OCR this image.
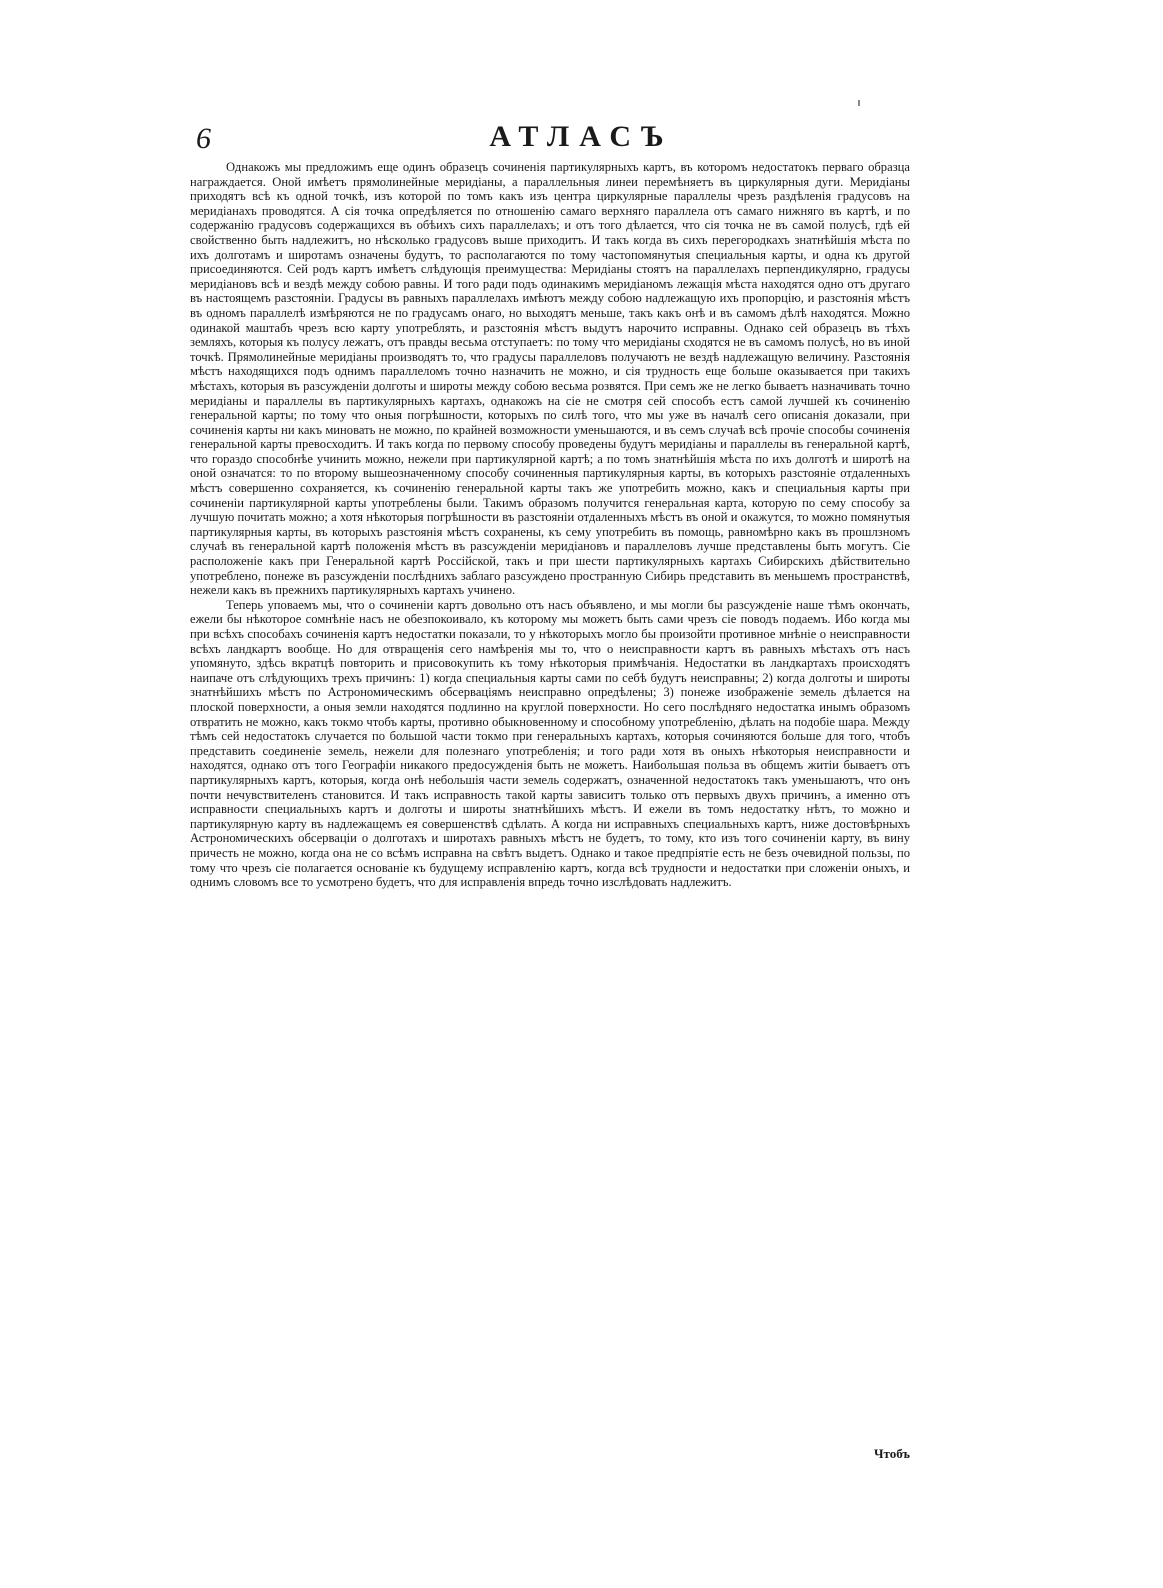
6	АТЛАСЪ

Однакожъ мы предложимъ еще одинъ образецъ сочиненія партикулярныхъ картъ, въ которомъ недостатокъ перваго образца награждается. Оной имѣетъ прямолинейные меридіаны, а параллельныя линеи перемѣняетъ въ циркулярныя дуги. Меридіаны приходятъ всѣ къ одной точкѣ, изъ которой по томъ какъ изъ центра циркулярные параллелы чрезъ раздѣленія градусовъ на меридіанахъ проводятся. А сія точка опредѣляется по отношенію самаго верхняго параллела отъ самаго нижняго въ картѣ, и по содержанію градусовъ содержащихся въ обѣихъ сихъ параллелахъ; и отъ того дѣлается, что сія точка не въ самой полусѣ, гдѣ ей свойственно быть надлежитъ, но нѣсколько градусовъ выше приходитъ. И такъ когда въ сихъ перегородкахъ знатнѣйшія мѣста по ихъ долготамъ и широтамъ означены будутъ, то располагаются по тому частопомянутыя специальныя карты, и одна къ другой присоединяются. Сей родъ картъ имѣетъ слѣдующія преимущества: Меридіаны стоятъ на параллелахъ перпендикулярно, градусы меридіановъ всѣ и вездѣ между собою равны. И того ради подъ одинакимъ меридіаномъ лежащія мѣста находятся одно отъ другаго въ настоящемъ разстояніи. Градусы въ равныхъ параллелахъ имѣютъ между собою надлежащую ихъ пропорцію, и разстоянія мѣстъ въ одномъ параллелѣ измѣряются не по градусамъ онаго, но выходятъ меньше, такъ какъ онѣ и въ самомъ дѣлѣ находятся. Можно одинакой маштабъ чрезъ всю карту употреблять, и разстоянія мѣстъ выдутъ нарочито исправны. Однако сей образецъ въ тѣхъ земляхъ, которыя къ полусу лежатъ, отъ правды весьма отступаетъ: по тому что меридіаны сходятся не въ самомъ полусѣ, но въ иной точкѣ. Прямолинейные меридіаны производятъ то, что градусы параллеловъ получаютъ не вездѣ надлежащую величину. Разстоянія мѣстъ находящихся подъ однимъ параллеломъ точно назначить не можно, и сія трудность еще больше оказывается при такихъ мѣстахъ, которыя въ разсужденіи долготы и широты между собою весьма розвятся. При семъ же не легко бываетъ назначивать точно меридіаны и параллелы въ партикулярныхъ картахъ, однакожъ на сіе не смотря сей способъ естъ самой лучшей къ сочиненію генеральной карты; по тому что оныя погрѣшности, которыхъ по силѣ того, что мы уже въ началѣ сего описанія доказали, при сочиненія карты ни какъ миновать не можно, по крайней возможности уменьшаются, и въ семъ случаѣ всѣ прочіе способы сочиненія генеральной карты превосходитъ. И такъ когда по первому способу проведены будутъ меридіаны и параллелы въ генеральной картѣ, что гораздо способнѣе учинить можно, нежели при партикулярной картѣ; а по томъ знатнѣйшія мѣста по ихъ долготѣ и широтѣ на оной означатся: то по второму вышеозначенному способу сочиненныя партикулярныя карты, въ которыхъ разстояніе отдаленныхъ мѣстъ совершенно сохраняется, къ сочиненію генеральной карты такъ же употребить можно, какъ и специальныя карты при сочиненіи партикулярной карты употреблены были. Такимъ образомъ получится генеральная карта, которую по сему способу за лучшую почитать можно; а хотя нѣкоторыя погрѣшности въ разстояніи отдаленныхъ мѣстъ въ оной и окажутся, то можно помянутыя партикулярныя карты, въ которыхъ разстоянія мѣстъ сохранены, къ сему употребить въ помощь, равномѣрно какъ въ прошлзномъ случаѣ въ генеральной картѣ положенія мѣстъ въ разсужденіи меридіановъ и параллеловъ лучше представлены быть могутъ. Сіе расположеніе какъ при Генеральной картѣ Россійской, такъ и при шести партикулярныхъ картахъ Сибирскихъ дѣйствительно употреблено, понеже въ разсужденіи послѣднихъ заблаго разсуждено пространную Сибирь представить въ меньшемъ пространствѣ, нежели какъ въ прежнихъ партикулярныхъ картахъ учинено.

Теперь уповаемъ мы, что о сочиненіи картъ довольно отъ насъ объявлено, и мы могли бы разсужденіе наше тѣмъ окончать, ежели бы нѣкоторое сомнѣніе насъ не обезпокоивало, къ которому мы можетъ быть сами чрезъ сіе поводъ подаемъ. Ибо когда мы при всѣхъ способахъ сочиненія картъ недостатки показали, то у нѣкоторыхъ могло бы произойти противное мнѣніе о неисправности всѣхъ ландкартъ вообще. Но для отвращенія сего намѣренія мы то, что о неисправности картъ въ равныхъ мѣстахъ отъ насъ упомянуто, здѣсь вкратцѣ повторить и присовокупить къ тому нѣкоторыя примѣчанія. Недостатки въ ландкартахъ происходятъ наипаче отъ слѣдующихъ трехъ причинъ: 1) когда специальныя карты сами по себѣ будутъ неисправны; 2) когда долготы и широты знатнѣйшихъ мѣстъ по Астрономическимъ обсерваціямъ неисправно опредѣлены; 3) понеже изображеніе земель дѣлается на плоской поверхности, а оныя земли находятся подлинно на круглой поверхности. Но сего послѣдняго недостатка инымъ образомъ отвратить не можно, какъ токмо чтобъ карты, противно обыкновенному и способному употребленію, дѣлать на подобіе шара. Между тѣмъ сей недостатокъ случается по большой части токмо при генеральныхъ картахъ, которыя сочиняются больше для того, чтобъ представить соединеніе земель, нежели для полезнаго употребленія; и того ради хотя въ оныхъ нѣкоторыя неисправности и находятся, однако отъ того Географіи никакого предосужденія быть не можетъ. Наибольшая польза въ общемъ житіи бываетъ отъ партикулярныхъ картъ, которыя, когда онѣ небольшія части земель содержатъ, означенной недостатокъ такъ уменьшаютъ, что онъ почти нечувствителенъ становится. И такъ исправность такой карты зависитъ только отъ первыхъ двухъ причинъ, а именно отъ исправности специальныхъ картъ и долготы и широты знатнѣйшихъ мѣстъ. И ежели въ томъ недостатку нѣтъ, то можно и партикулярную карту въ надлежащемъ ея совершенствѣ сдѣлать. А когда ни исправныхъ специальныхъ картъ, ниже достовѣрныхъ Астрономическихъ обсерваціи о долготахъ и широтахъ равныхъ мѣстъ не будетъ, то тому, кто изъ того сочиненіи карту, въ вину причесть не можно, когда она не со всѣмъ исправна на свѣтъ выдетъ. Однако и такое предпріятіе есть не безъ очевидной пользы, по тому что чрезъ сіе полагается основаніе къ будущему исправленію картъ, когда всѣ трудности и недостатки при сложеніи оныхъ, и однимъ словомъ все то усмотрено будетъ, что для исправленія впредь точно изслѣдовать надлежитъ.

Чтобъ
